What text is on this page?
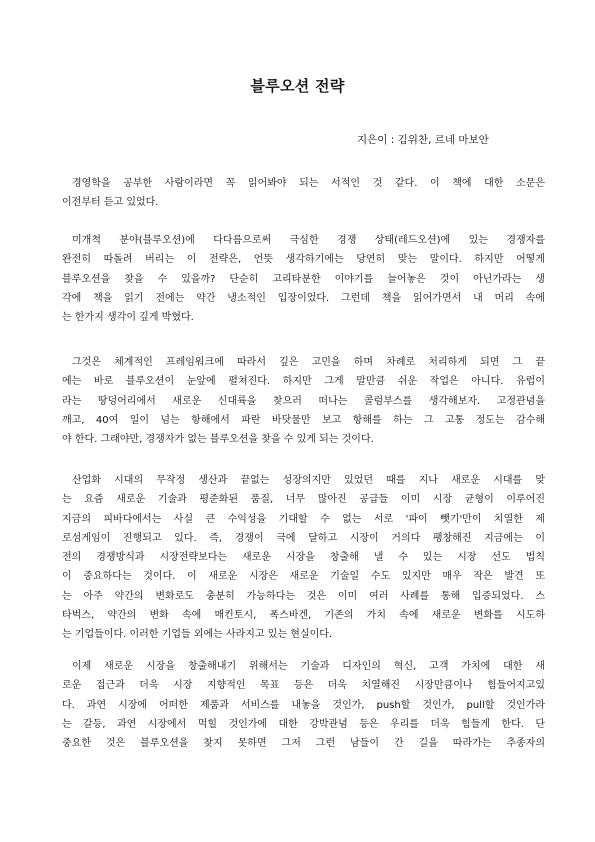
블루오션 전략
지은이 : 김위찬, 르네 마보안
경영학을 공부한 사람이라면 꼭 읽어봐야 되는 서적인 것 같다. 이 책에 대한 소문은
이전부터 듣고 있었다.
미개척 분야(블루오션)에 다다름으로써 극심한 경쟁 상태(레드오션)에 있는 경쟁자를
완전히 따돌려 버리는 이 전략은, 언뜻 생각하기에는 당연히 맞는 말이다. 하지만 어떻게
블루오션을 찾을 수 있을까? 단순히 고리타분한 이야기를 늘어놓은 것이 아닌가라는 생
각에 책을 읽기 전에는 약간 냉소적인 입장이었다. 그런데 책을 읽어가면서 내 머리 속에
는 한가지 생각이 깊게 박혔다.
그것은 체계적인 프레임워크에 따라서 깊은 고민을 하며 차례로 처리하게 되면 그 끝
에는 바로 블루오션이 눈앞에 펼쳐진다. 하지만 그게 말만큼 쉬운 작업은 아니다. 유럽이
라는 땅덩어리에서 새로운 신대륙을 찾으러 떠나는 콜럼부스를 생각해보자. 고정관념을
깨고, 40여 일이 넘는 항해에서 파란 바닷물만 보고 항해를 하는 그 고통 정도는 감수해
야 한다. 그래야만, 경쟁자가 없는 블루오션을 찾을 수 있게 되는 것이다.
산업화 시대의 무작정 생산과 끝없는 성장의지만 있었던 때를 지나 새로운 시대를 맞
는 요즘 새로운 기술과 평준화된 품질, 너무 많아진 공급들 이미 시장 균형이 이루어진
지금의 피바다에서는 사실 큰 수익성을 기대할 수 없는 서로 '파이 뺏기'만이 치열한 제
로섬게임이 진행되고 있다. 즉, 경쟁이 극에 달하고 시장이 거의다 팽창해진 지금에는 이
전의 경쟁방식과 시장전략보다는 새로운 시장을 창출해 낼 수 있는 시장 선도 법칙
이 중요하다는 것이다. 이 새로운 시장은 새로운 기술일 수도 있지만 매우 작은 발견 또
는 아주 약간의 변화로도 충분히 가능하다는 것은 이미 여러 사례를 통해 입증되었다. 스
타벅스, 약간의 변화 속에 매킨토시, 폭스바겐, 기존의 가치 속에 새로운 변화를 시도하
는 기업들이다. 이러한 기업들 외에는 사라지고 있는 현실이다.
이제 새로운 시장을 창출해내기 위해서는 기술과 디자인의 혁신, 고객 가치에 대한 새
로운 접근과 더욱 시장 지향적인 목표 등은 더욱 치열해진 시장만큼이나 힘들어지고있
다. 과연 시장에 어떠한 제품과 서비스를 내놓을 것인가, push할 것인가, pull할 것인가라
는 갈등, 과연 시장에서 먹힐 것인가에 대한 강박관념 등은 우리를 더욱 힘들게 한다. 단
중요한 것은 블루오션을 찾지 못하면 그저 그런 남들이 간 길을 따라가는 추종자의
